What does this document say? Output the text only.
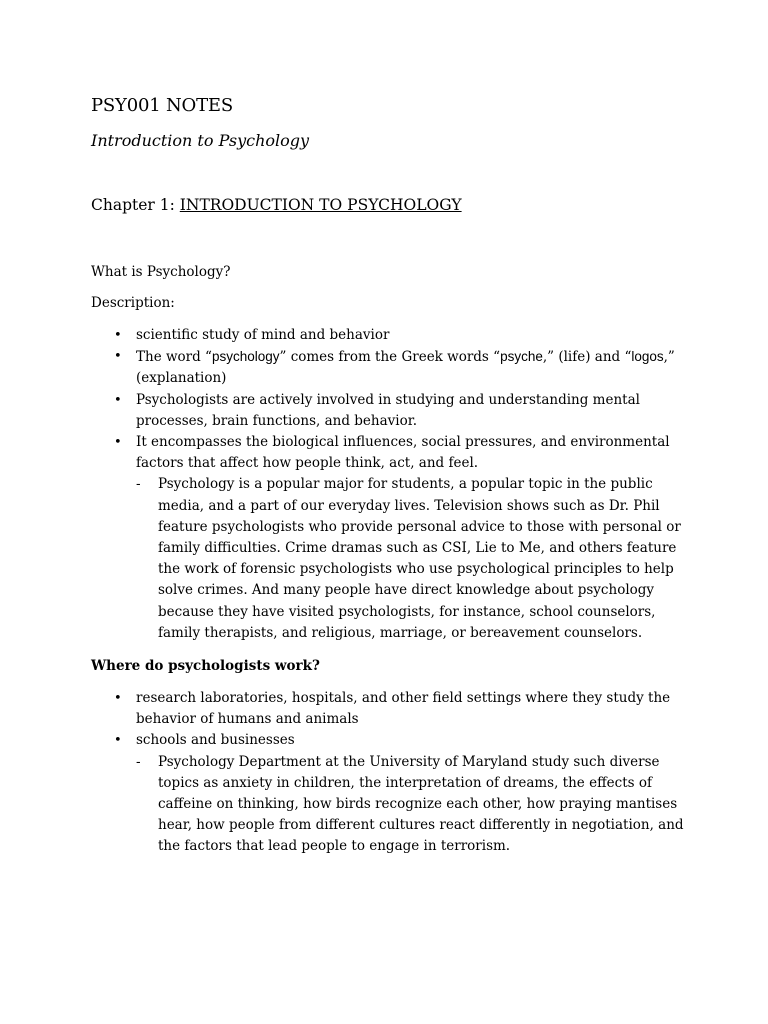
PSY001 NOTES
Introduction to Psychology
Chapter 1: INTRODUCTION TO PSYCHOLOGY
What is Psychology?
Description:
• scientific study of mind and behavior
• The word “psychology” comes from the Greek words “psyche,” (life) and “logos,” (explanation)
• Psychologists are actively involved in studying and understanding mental processes, brain functions, and behavior.
• It encompasses the biological influences, social pressures, and environmental factors that affect how people think, act, and feel.
- Psychology is a popular major for students, a popular topic in the public media, and a part of our everyday lives. Television shows such as Dr. Phil feature psychologists who provide personal advice to those with personal or family difficulties. Crime dramas such as CSI, Lie to Me, and others feature the work of forensic psychologists who use psychological principles to help solve crimes. And many people have direct knowledge about psychology because they have visited psychologists, for instance, school counselors, family therapists, and religious, marriage, or bereavement counselors.
Where do psychologists work?
• research laboratories, hospitals, and other field settings where they study the behavior of humans and animals
• schools and businesses
- Psychology Department at the University of Maryland study such diverse topics as anxiety in children, the interpretation of dreams, the effects of caffeine on thinking, how birds recognize each other, how praying mantises hear, how people from different cultures react differently in negotiation, and the factors that lead people to engage in terrorism.
